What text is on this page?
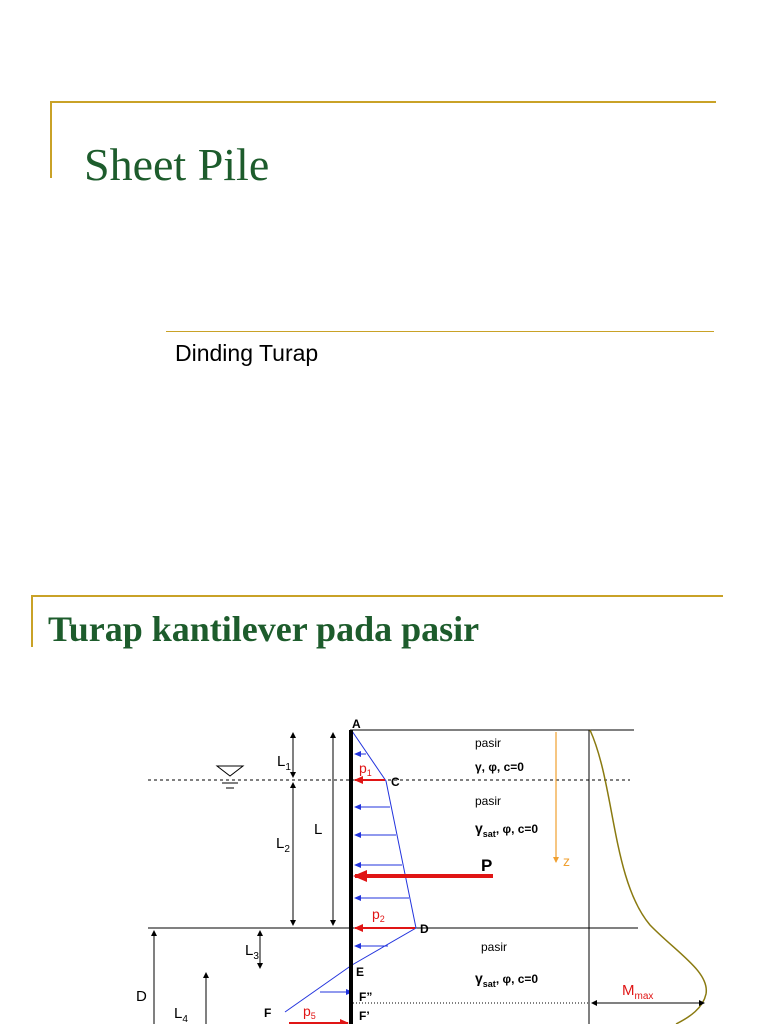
Sheet Pile

Dinding Turap

Turap kantilever pada pasir
A
C
D
E
F
F”
F’
$L_1$
$L_2$
L
$L_3$
$L_4$
D
$p_1$
$p_2$
$p_5$
P	z
$M_{max}$
pasir
γ, φ, c=0
pasir
$\gamma_{sat}$, φ, c=0
pasir
$\gamma_{sat}$, φ, c=0
